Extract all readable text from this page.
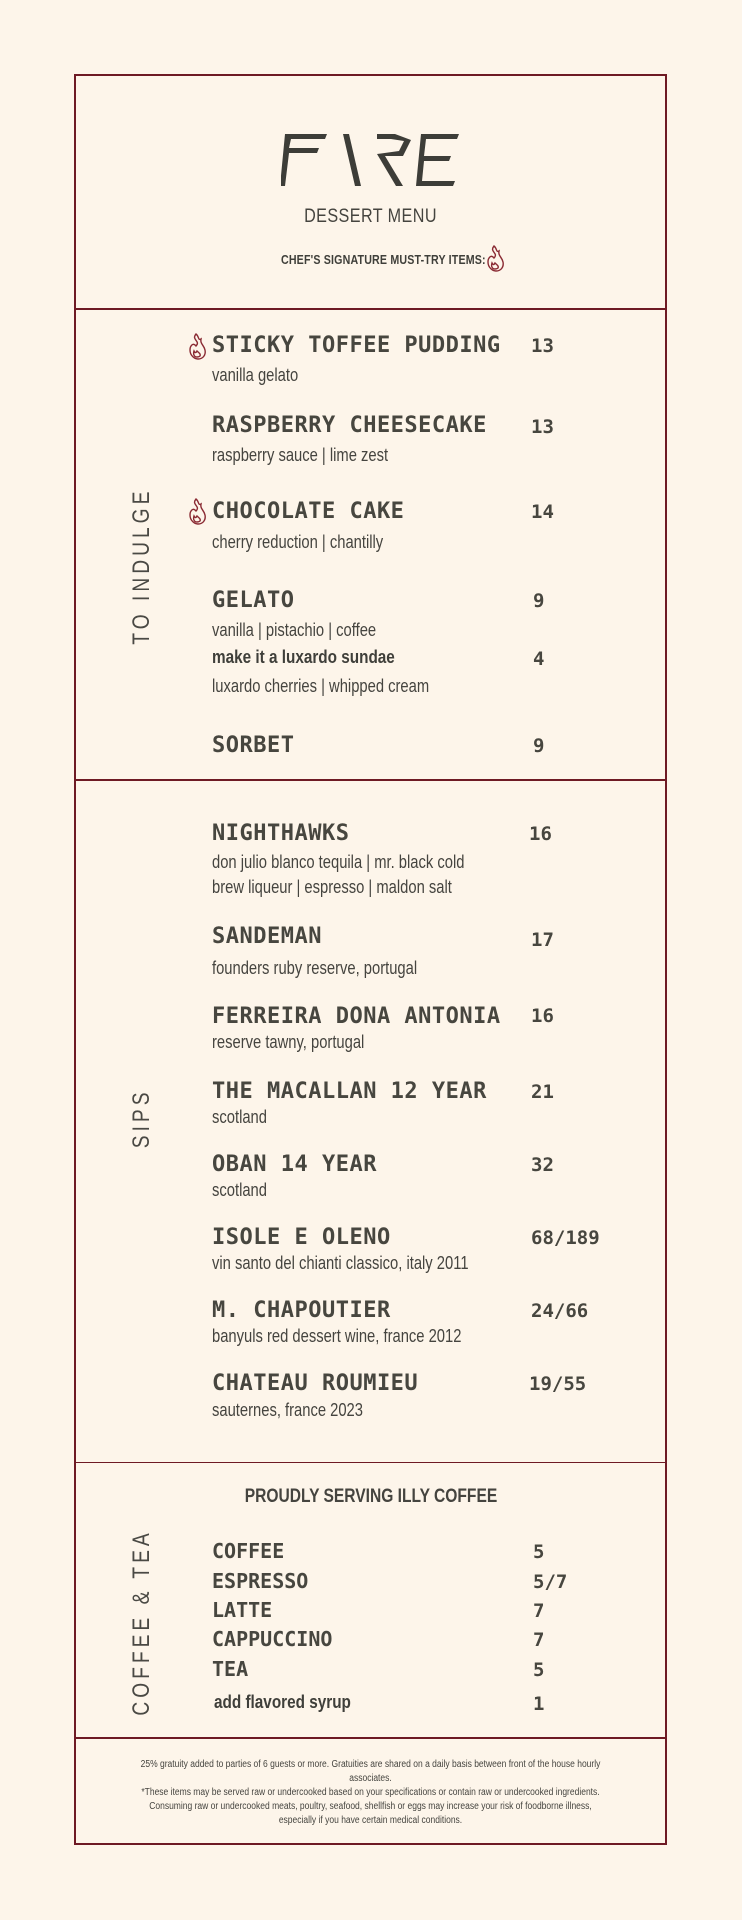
DESSERT MENU
CHEF'S SIGNATURE MUST-TRY ITEMS:
TO INDULGE
STICKY TOFFEE PUDDING 13
vanilla gelato
RASPBERRY CHEESECAKE 13
raspberry sauce | lime zest
CHOCOLATE CAKE	14
cherry reduction | chantilly
GELATO	9
vanilla | pistachio | coffee
make it a luxardo sundae	4
luxardo cherries | whipped cream
SORBET	9
SIPS
NIGHTHAWKS	16
don julio blanco tequila | mr. black cold brew liqueur | espresso | maldon salt
SANDEMAN	17
founders ruby reserve, portugal
FERREIRA DONA ANTONIA 16
reserve tawny, portugal
THE MACALLAN 12 YEAR 21
scotland
OBAN 14 YEAR	32
scotland
ISOLE E OLENO	68/189
vin santo del chianti classico, italy 2011
M. CHAPOUTIER	24/66
banyuls red dessert wine, france 2012
CHATEAU ROUMIEU	19/55
sauternes, france 2023
COFFEE & TEA
PROUDLY SERVING ILLY COFFEE
COFFEE	5
ESPRESSO	5/7
LATTE	7
CAPPUCCINO	7
TEA	5
add flavored syrup	1
25% gratuity added to parties of 6 guests or more. Gratuities are shared on a daily basis between front of the house hourly associates.
*These items may be served raw or undercooked based on your specifications or contain raw or undercooked ingredients. Consuming raw or undercooked meats, poultry, seafood, shellfish or eggs may increase your risk of foodborne illness, especially if you have certain medical conditions.
